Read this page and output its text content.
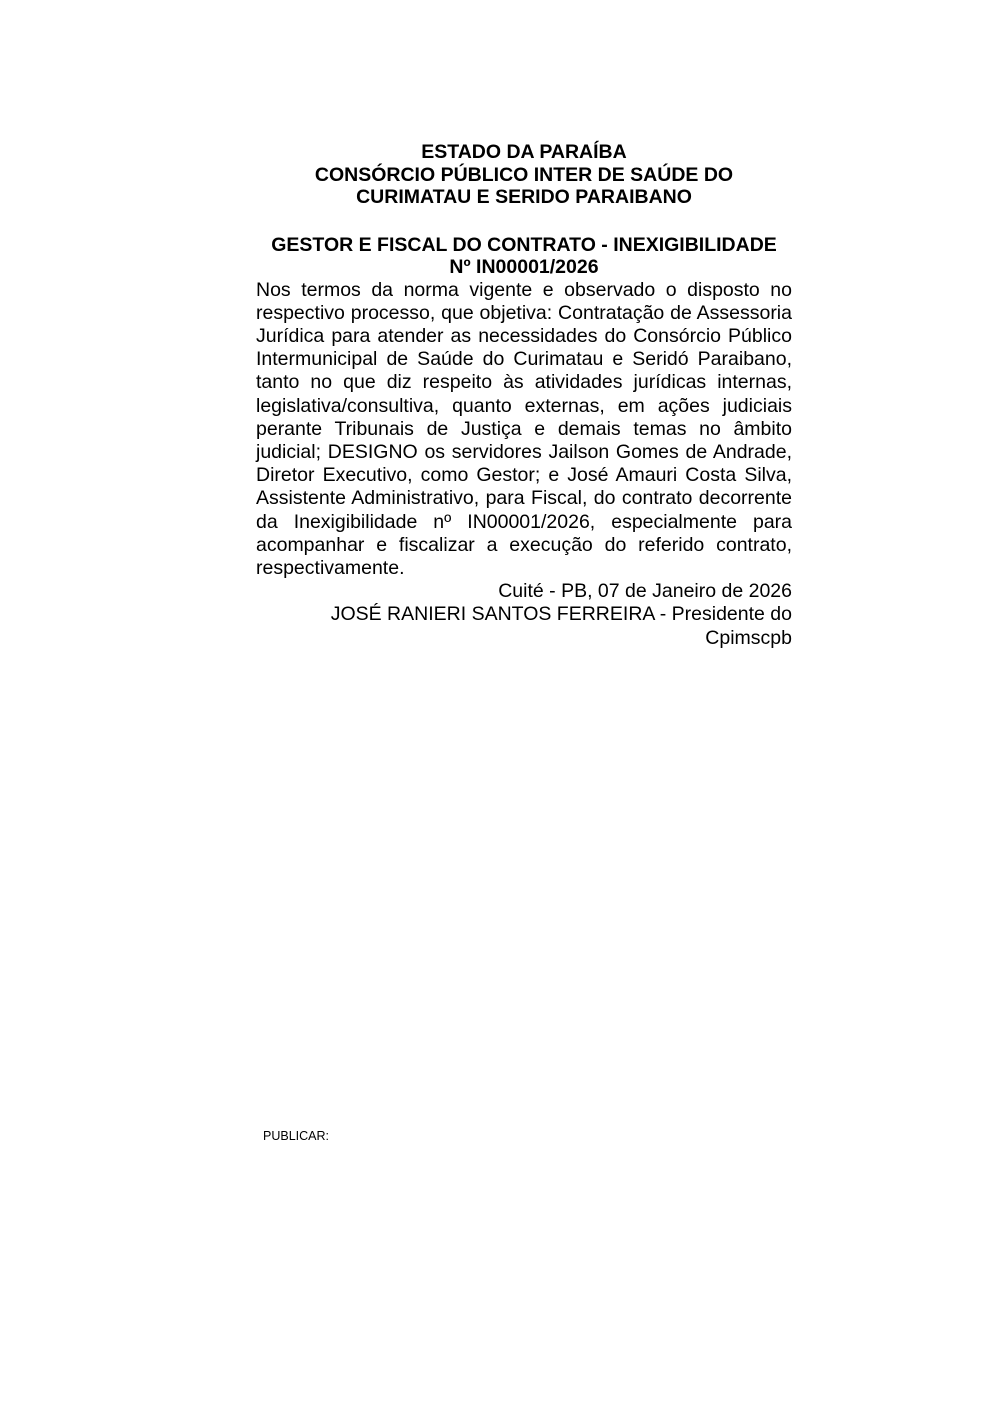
ESTADO DA PARAÍBA

CONSÓRCIO PÚBLICO INTER DE SAÚDE DO

CURIMATAU E SERIDO PARAIBANO

GESTOR E FISCAL DO CONTRATO - INEXIGIBILIDADE

Nº IN00001/2026

Nos termos da norma vigente e observado o disposto no respectivo processo, que objetiva: Contratação de Assessoria Jurídica para atender as necessidades do Consórcio Público Intermunicipal de Saúde do Curimatau e Seridó Paraibano, tanto no que diz respeito às atividades jurídicas internas, legislativa/consultiva, quanto externas, em ações judiciais perante Tribunais de Justiça e demais temas no âmbito judicial; DESIGNO os servidores Jailson Gomes de Andrade, Diretor Executivo, como Gestor; e José Amauri Costa Silva, Assistente Administrativo, para Fiscal, do contrato decorrente da Inexigibilidade nº IN00001/2026, especialmente para acompanhar e fiscalizar a execução do referido contrato, respectivamente.

Cuité - PB, 07 de Janeiro de 2026

JOSÉ RANIERI SANTOS FERREIRA - Presidente do Cpimscpb

PUBLICAR:
